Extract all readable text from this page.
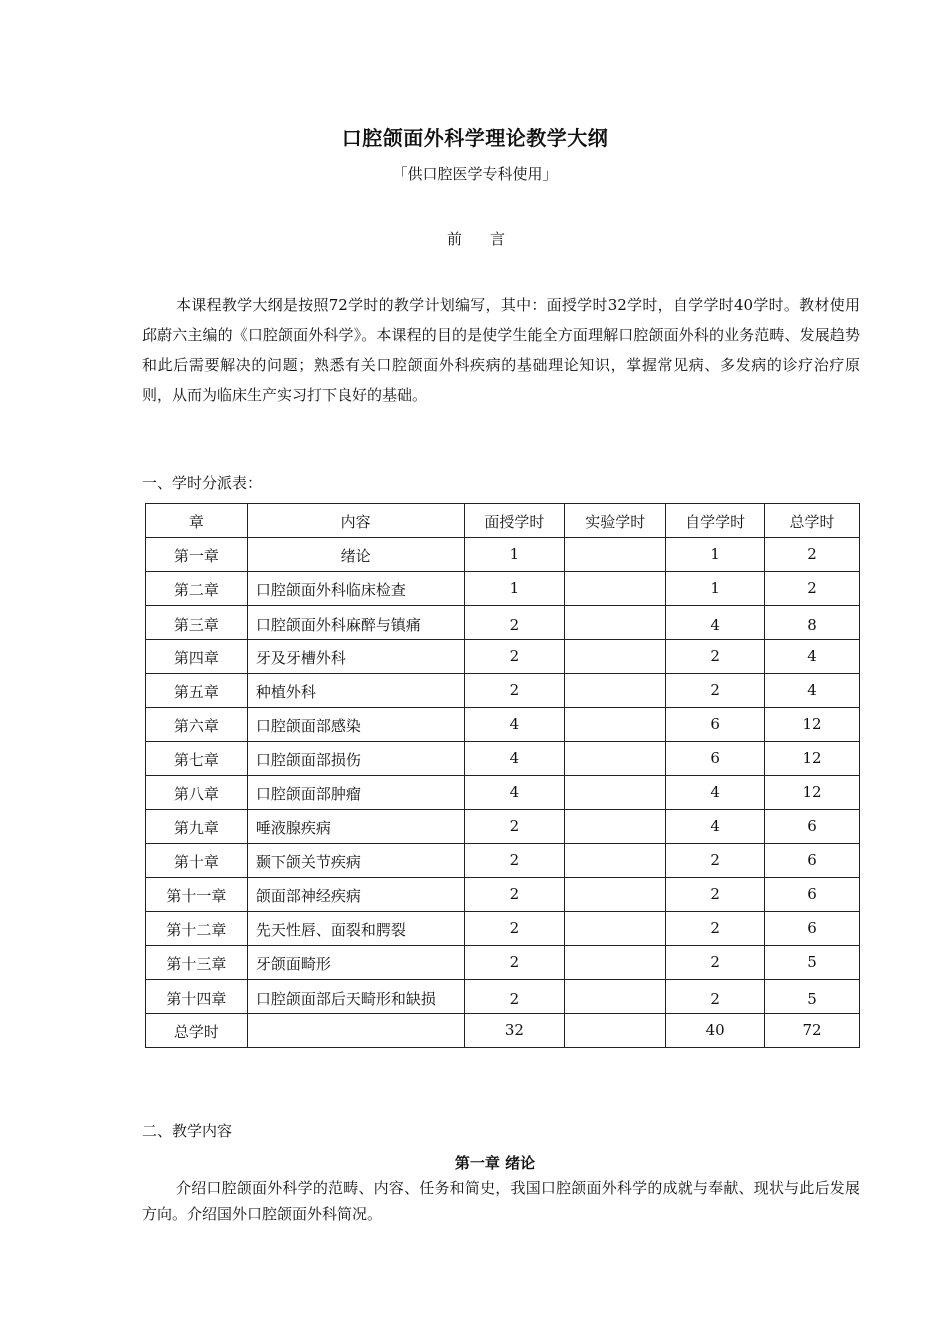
口腔颌面外科学理论教学大纲
「供口腔医学专科使用」
前言

本课程教学大纲是按照72学时的教学计划编写，其中：面授学时32学时，自学学时40学时。教材使用邱蔚六主编的《口腔颌面外科学》。本课程的目的是使学生能全方面理解口腔颌面外科的业务范畴、发展趋势和此后需要解决的问题；熟悉有关口腔颌面外科疾病的基础理论知识，掌握常见病、多发病的诊疗治疗原则，从而为临床生产实习打下良好的基础。

一、学时分派表：
章	内容	面授学时	实验学时	自学学时	总学时
第一章	绪论	1		1	2
第二章	口腔颌面外科临床检查	1		1	2
第三章	口腔颌面外科麻醉与镇痛	2		4	8
第四章	牙及牙槽外科	2		2	4
第五章	种植外科	2		2	4
第六章	口腔颌面部感染	4		6	12
第七章	口腔颌面部损伤	4		6	12
第八章	口腔颌面部肿瘤	4		4	12
第九章	唾液腺疾病	2		4	6
第十章	颞下颌关节疾病	2		2	6
第十一章	颌面部神经疾病	2		2	6
第十二章	先天性唇、面裂和腭裂	2		2	6
第十三章	牙颌面畸形	2		2	5
第十四章	口腔颌面部后天畸形和缺损	2		2	5
总学时		32		40	72
二、教学内容
第一章 绪论

介绍口腔颌面外科学的范畴、内容、任务和简史，我国口腔颌面外科学的成就与奉献、现状与此后发展方向。介绍国外口腔颌面外科简况。
